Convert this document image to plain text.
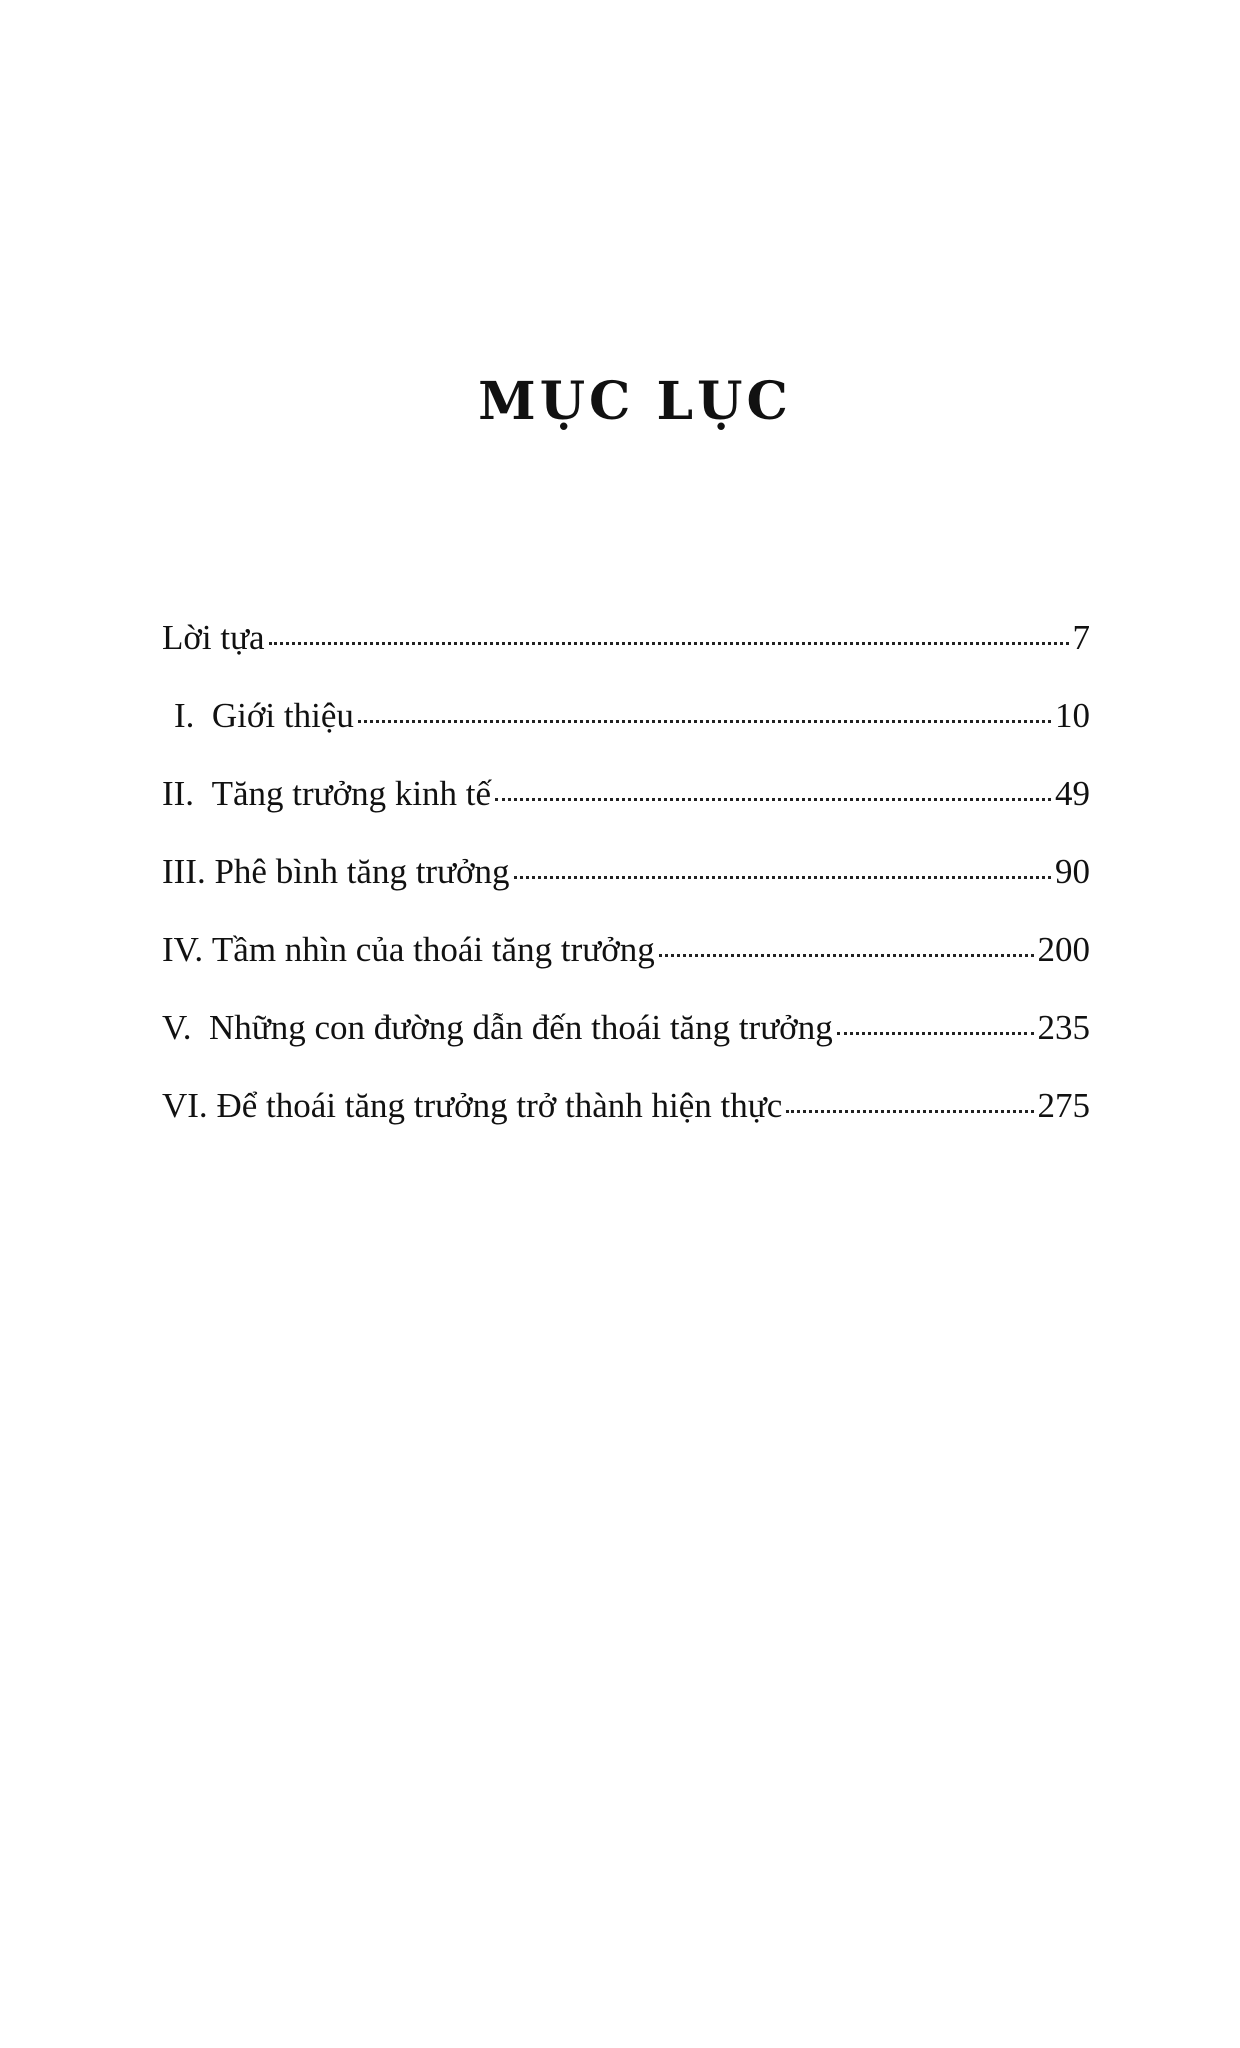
MỤC LỤC
Lời tựa	7
I. Giới thiệu	10
II. Tăng trưởng kinh tế	49
III. Phê bình tăng trưởng	90
IV. Tầm nhìn của thoái tăng trưởng	200
V. Những con đường dẫn đến thoái tăng trưởng	235
VI. Để thoái tăng trưởng trở thành hiện thực	275
